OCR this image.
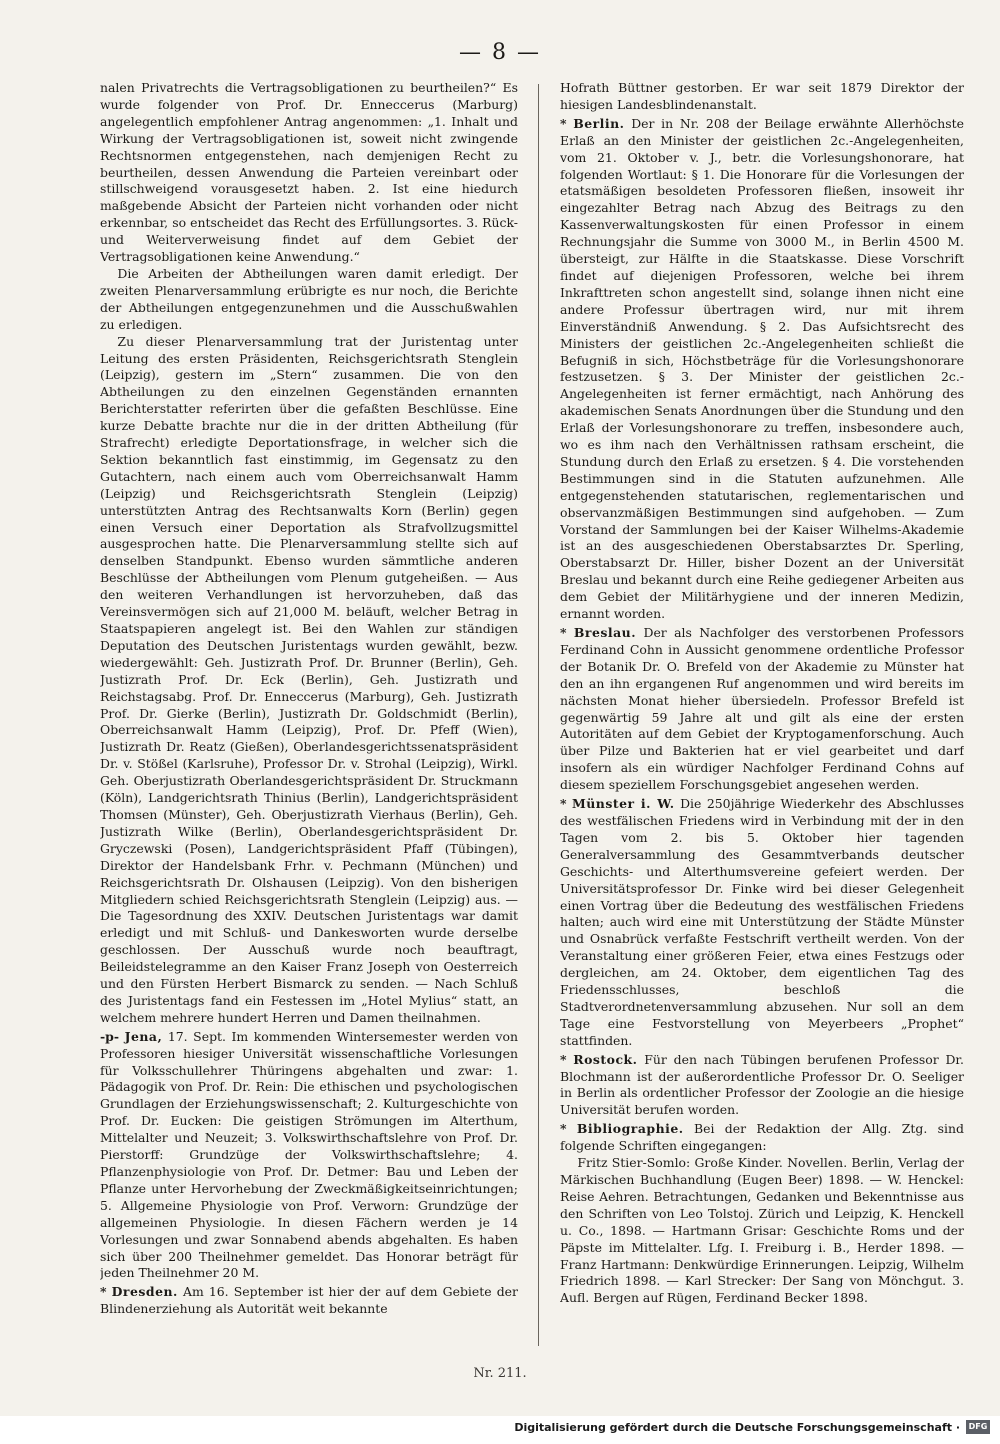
— 8 —

nalen Privatrechts die Vertragsobligationen zu beurtheilen?“ Es wurde folgender von Prof. Dr. Enneccerus (Marburg) angelegentlich empfohlener Antrag angenommen: „1. Inhalt und Wirkung der Vertragsobligationen ist, soweit nicht zwingende Rechtsnormen entgegenstehen, nach demjenigen Recht zu beurtheilen, dessen Anwendung die Parteien vereinbart oder stillschweigend vorausgesetzt haben. 2. Ist eine hiedurch maßgebende Absicht der Parteien nicht vorhanden oder nicht erkennbar, so entscheidet das Recht des Erfüllungsortes. 3. Rück- und Weiterverweisung findet auf dem Gebiet der Vertragsobligationen keine Anwendung.“

Die Arbeiten der Abtheilungen waren damit erledigt. Der zweiten Plenarversammlung erübrigte es nur noch, die Berichte der Abtheilungen entgegenzunehmen und die Ausschußwahlen zu erledigen.

Zu dieser Plenarversammlung trat der Juristentag unter Leitung des ersten Präsidenten, Reichsgerichtsrath Stenglein (Leipzig), gestern im „Stern“ zusammen. Die von den Abtheilungen zu den einzelnen Gegenständen ernannten Berichterstatter referirten über die gefaßten Beschlüsse. Eine kurze Debatte brachte nur die in der dritten Abtheilung (für Strafrecht) erledigte Deportationsfrage, in welcher sich die Sektion bekanntlich fast einstimmig, im Gegensatz zu den Gutachtern, nach einem auch vom Oberreichsanwalt Hamm (Leipzig) und Reichsgerichtsrath Stenglein (Leipzig) unterstützten Antrag des Rechtsanwalts Korn (Berlin) gegen einen Versuch einer Deportation als Strafvollzugsmittel ausgesprochen hatte. Die Plenarversammlung stellte sich auf denselben Standpunkt. Ebenso wurden sämmtliche anderen Beschlüsse der Abtheilungen vom Plenum gutgeheißen. — Aus den weiteren Verhandlungen ist hervorzuheben, daß das Vereinsvermögen sich auf 21,000 M. beläuft, welcher Betrag in Staatspapieren angelegt ist. Bei den Wahlen zur ständigen Deputation des Deutschen Juristentags wurden gewählt, bezw. wiedergewählt: Geh. Justizrath Prof. Dr. Brunner (Berlin), Geh. Justizrath Prof. Dr. Eck (Berlin), Geh. Justizrath und Reichstagsabg. Prof. Dr. Enneccerus (Marburg), Geh. Justizrath Prof. Dr. Gierke (Berlin), Justizrath Dr. Goldschmidt (Berlin), Oberreichsanwalt Hamm (Leipzig), Prof. Dr. Pfeff (Wien), Justizrath Dr. Reatz (Gießen), Oberlandesgerichtssenatspräsident Dr. v. Stößel (Karlsruhe), Professor Dr. v. Strohal (Leipzig), Wirkl. Geh. Oberjustizrath Oberlandesgerichtspräsident Dr. Struckmann (Köln), Landgerichtsrath Thinius (Berlin), Landgerichtspräsident Thomsen (Münster), Geh. Oberjustizrath Vierhaus (Berlin), Geh. Justizrath Wilke (Berlin), Oberlandesgerichtspräsident Dr. Gryczewski (Posen), Landgerichtspräsident Pfaff (Tübingen), Direktor der Handelsbank Frhr. v. Pechmann (München) und Reichsgerichtsrath Dr. Olshausen (Leipzig). Von den bisherigen Mitgliedern schied Reichsgerichtsrath Stenglein (Leipzig) aus. — Die Tagesordnung des XXIV. Deutschen Juristentags war damit erledigt und mit Schluß- und Dankesworten wurde derselbe geschlossen. Der Ausschuß wurde noch beauftragt, Beileidstelegramme an den Kaiser Franz Joseph von Oesterreich und den Fürsten Herbert Bismarck zu senden. — Nach Schluß des Juristentags fand ein Festessen im „Hotel Mylius“ statt, an welchem mehrere hundert Herren und Damen theilnahmen.

-p- Jena, 17. Sept. Im kommenden Wintersemester werden von Professoren hiesiger Universität wissenschaftliche Vorlesungen für Volksschullehrer Thüringens abgehalten und zwar: 1. Pädagogik von Prof. Dr. Rein: Die ethischen und psychologischen Grundlagen der Erziehungswissenschaft; 2. Kulturgeschichte von Prof. Dr. Eucken: Die geistigen Strömungen im Alterthum, Mittelalter und Neuzeit; 3. Volkswirthschaftslehre von Prof. Dr. Pierstorff: Grundzüge der Volkswirthschaftslehre; 4. Pflanzenphysiologie von Prof. Dr. Detmer: Bau und Leben der Pflanze unter Hervorhebung der Zweckmäßigkeitseinrichtungen; 5. Allgemeine Physiologie von Prof. Verworn: Grundzüge der allgemeinen Physiologie. In diesen Fächern werden je 14 Vorlesungen und zwar Sonnabend abends abgehalten. Es haben sich über 200 Theilnehmer gemeldet. Das Honorar beträgt für jeden Theilnehmer 20 M.

* Dresden. Am 16. September ist hier der auf dem Gebiete der Blindenerziehung als Autorität weit bekannte

Hofrath Büttner gestorben. Er war seit 1879 Direktor der hiesigen Landesblindenanstalt.

* Berlin. Der in Nr. 208 der Beilage erwähnte Allerhöchste Erlaß an den Minister der geistlichen 2c.-Angelegenheiten, vom 21. Oktober v. J., betr. die Vorlesungshonorare, hat folgenden Wortlaut: § 1. Die Honorare für die Vorlesungen der etatsmäßigen besoldeten Professoren fließen, insoweit ihr eingezahlter Betrag nach Abzug des Beitrags zu den Kassenverwaltungskosten für einen Professor in einem Rechnungsjahr die Summe von 3000 M., in Berlin 4500 M. übersteigt, zur Hälfte in die Staatskasse. Diese Vorschrift findet auf diejenigen Professoren, welche bei ihrem Inkrafttreten schon angestellt sind, solange ihnen nicht eine andere Professur übertragen wird, nur mit ihrem Einverständniß Anwendung. § 2. Das Aufsichtsrecht des Ministers der geistlichen 2c.-Angelegenheiten schließt die Befugniß in sich, Höchstbeträge für die Vorlesungshonorare festzusetzen. § 3. Der Minister der geistlichen 2c.-Angelegenheiten ist ferner ermächtigt, nach Anhörung des akademischen Senats Anordnungen über die Stundung und den Erlaß der Vorlesungshonorare zu treffen, insbesondere auch, wo es ihm nach den Verhältnissen rathsam erscheint, die Stundung durch den Erlaß zu ersetzen. § 4. Die vorstehenden Bestimmungen sind in die Statuten aufzunehmen. Alle entgegenstehenden statutarischen, reglementarischen und observanzmäßigen Bestimmungen sind aufgehoben. — Zum Vorstand der Sammlungen bei der Kaiser Wilhelms-Akademie ist an des ausgeschiedenen Oberstabsarztes Dr. Sperling, Oberstabsarzt Dr. Hiller, bisher Dozent an der Universität Breslau und bekannt durch eine Reihe gediegener Arbeiten aus dem Gebiet der Militärhygiene und der inneren Medizin, ernannt worden.

* Breslau. Der als Nachfolger des verstorbenen Professors Ferdinand Cohn in Aussicht genommene ordentliche Professor der Botanik Dr. O. Brefeld von der Akademie zu Münster hat den an ihn ergangenen Ruf angenommen und wird bereits im nächsten Monat hieher übersiedeln. Professor Brefeld ist gegenwärtig 59 Jahre alt und gilt als eine der ersten Autoritäten auf dem Gebiet der Kryptogamenforschung. Auch über Pilze und Bakterien hat er viel gearbeitet und darf insofern als ein würdiger Nachfolger Ferdinand Cohns auf diesem speziellem Forschungsgebiet angesehen werden.

* Münster i. W. Die 250jährige Wiederkehr des Abschlusses des westfälischen Friedens wird in Verbindung mit der in den Tagen vom 2. bis 5. Oktober hier tagenden Generalversammlung des Gesammtverbands deutscher Geschichts- und Alterthumsvereine gefeiert werden. Der Universitätsprofessor Dr. Finke wird bei dieser Gelegenheit einen Vortrag über die Bedeutung des westfälischen Friedens halten; auch wird eine mit Unterstützung der Städte Münster und Osnabrück verfaßte Festschrift vertheilt werden. Von der Veranstaltung einer größeren Feier, etwa eines Festzugs oder dergleichen, am 24. Oktober, dem eigentlichen Tag des Friedensschlusses, beschloß die Stadtverordnetenversammlung abzusehen. Nur soll an dem Tage eine Festvorstellung von Meyerbeers „Prophet“ stattfinden.

* Rostock. Für den nach Tübingen berufenen Professor Dr. Blochmann ist der außerordentliche Professor Dr. O. Seeliger in Berlin als ordentlicher Professor der Zoologie an die hiesige Universität berufen worden.

* Bibliographie. Bei der Redaktion der Allg. Ztg. sind folgende Schriften eingegangen:

Fritz Stier-Somlo: Große Kinder. Novellen. Berlin, Verlag der Märkischen Buchhandlung (Eugen Beer) 1898. — W. Henckel: Reise Aehren. Betrachtungen, Gedanken und Bekenntnisse aus den Schriften von Leo Tolstoj. Zürich und Leipzig, K. Henckell u. Co., 1898. — Hartmann Grisar: Geschichte Roms und der Päpste im Mittelalter. Lfg. I. Freiburg i. B., Herder 1898. — Franz Hartmann: Denkwürdige Erinnerungen. Leipzig, Wilhelm Friedrich 1898. — Karl Strecker: Der Sang von Mönchgut. 3. Aufl. Bergen auf Rügen, Ferdinand Becker 1898.

Nr. 211.
Digitalisierung gefördert durch die Deutsche Forschungsgemeinschaft ·	DFG
